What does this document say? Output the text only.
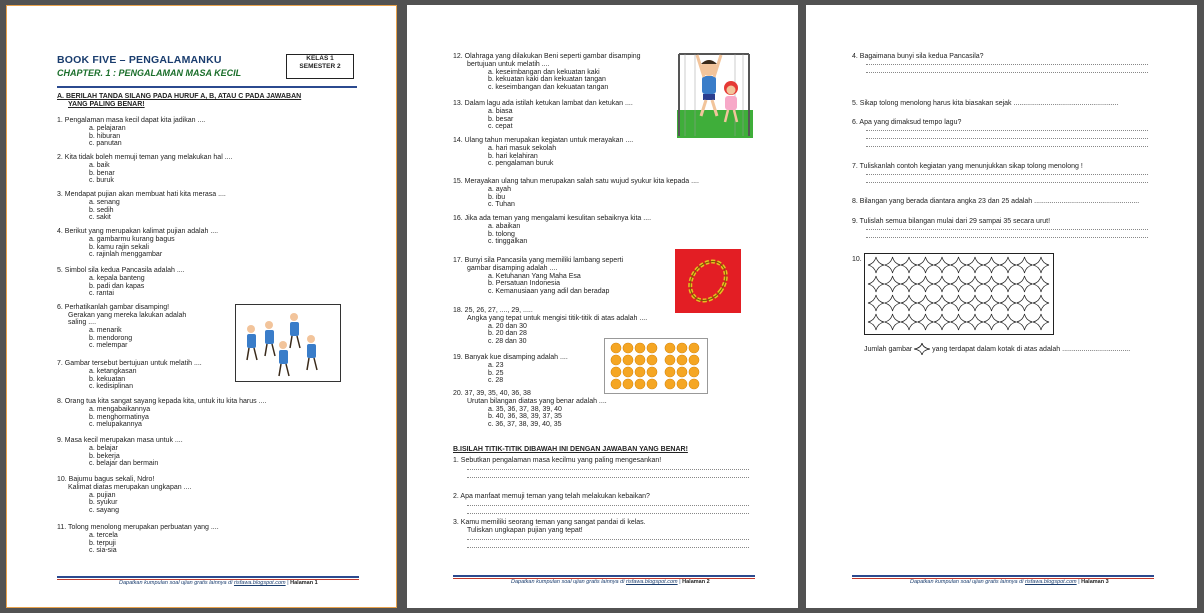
BOOK FIVE – PENGALAMANKU
CHAPTER. 1 : PENGALAMAN MASA KECIL
KELAS 1
SEMESTER 2
A. BERILAH TANDA SILANG PADA HURUF A, B, ATAU C PADA JAWABAN
YANG PALING BENAR!
1. Pengalaman masa kecil dapat kita jadikan ....
a. pelajaran
b. hiburan
c. panutan
2. Kita tidak boleh memuji teman yang melakukan hal ....
a. baik
b. benar
c. buruk
3. Mendapat pujian akan membuat hati kita merasa ....
a. senang
b. sedih
c. sakit
4. Berikut yang merupakan kalimat pujian adalah ....
a. gambarmu kurang bagus
b. kamu rajin sekali
c. rajinlah menggambar
5. Simbol sila kedua Pancasila adalah ....
a. kepala banteng
b. padi dan kapas
c. rantai
6. Perhatikanlah gambar disamping!
Gerakan yang mereka lakukan adalah
saling ....
a. menarik
b. mendorong
c. melempar
7. Gambar tersebut bertujuan untuk melatih ....
a. ketangkasan
b. kekuatan
c. kedisiplinan
8. Orang tua kita sangat sayang kepada kita, untuk itu kita harus ....
a. mengabaikannya
b. menghormatinya
c. melupakannya
9. Masa kecil merupakan masa untuk ....
a. belajar
b. bekerja
c. belajar dan bermain
10. Bajumu bagus sekali, Ndro!
Kalimat diatas merupakan ungkapan ....
a. pujian
b. syukur
c. sayang
11. Tolong menolong merupakan perbuatan yang ....
a. tercela
b. terpuji
c. sia-sia
Dapatkan kumpulan soal ujian gratis lainnya di risfawa.blogspot.com | Halaman 1
12. Olahraga yang dilakukan Beni seperti gambar disamping
bertujuan untuk melatih ....
a. keseimbangan dan kekuatan kaki
b. kekuatan kaki dan kekuatan tangan
c. keseimbangan dan kekuatan tangan
13. Dalam lagu ada istilah ketukan lambat dan ketukan ....
a. biasa
b. besar
c. cepat
14. Ulang tahun merupakan kegiatan untuk merayakan ....
a. hari masuk sekolah
b. hari kelahiran
c. pengalaman buruk
15. Merayakan ulang tahun merupakan salah satu wujud syukur kita kepada ....
a. ayah
b. ibu
c. Tuhan
16. Jika ada teman yang mengalami kesulitan sebaiknya kita ....
a. abaikan
b. tolong
c. tinggalkan
17. Bunyi sila Pancasila yang memiliki lambang seperti
gambar disamping adalah ....
a. Ketuhanan Yang Maha Esa
b. Persatuan Indonesia
c. Kemanusiaan yang adil dan beradap
18. 25, 26, 27, ...., 29, .....
Angka yang tepat untuk mengisi titik-titik di atas adalah ....
a. 20 dan 30
b. 20 dan 28
c. 28 dan 30
19. Banyak kue disamping adalah ....
a. 23
b. 25
c. 28
20. 37, 39, 35, 40, 36, 38
Urutan bilangan diatas yang benar adalah ....
a. 35, 36, 37, 38, 39, 40
b. 40, 36, 38, 39, 37, 35
c. 36, 37, 38, 39, 40, 35
B.ISILAH TITIK-TITIK DIBAWAH INI DENGAN JAWABAN YANG BENAR!
1. Sebutkan pengalaman masa kecilmu yang paling mengesankan!
2. Apa manfaat memuji teman yang telah melakukan kebaikan?
3. Kamu memiliki seorang teman yang sangat pandai di kelas.
Tuliskan ungkapan pujian yang tepat!
Dapatkan kumpulan soal ujian gratis lainnya di risfawa.blogspot.com | Halaman 2
4. Bagaimana bunyi sila kedua Pancasila?
5. Sikap tolong menolong harus kita biasakan sejak ......................................................
6. Apa yang dimaksud tempo lagu?
7. Tuliskanlah contoh kegiatan yang menunjukkan sikap tolong menolong !
8. Bilangan yang berada diantara angka 23 dan 25 adalah ......................................................
9. Tulislah semua bilangan mulai dari 29 sampai 35 secara urut!
10.
Jumlah gambar	yang terdapat dalam kotak di atas adalah ...................................
Dapatkan kumpulan soal ujian gratis lainnya di risfawa.blogspot.com | Halaman 3
